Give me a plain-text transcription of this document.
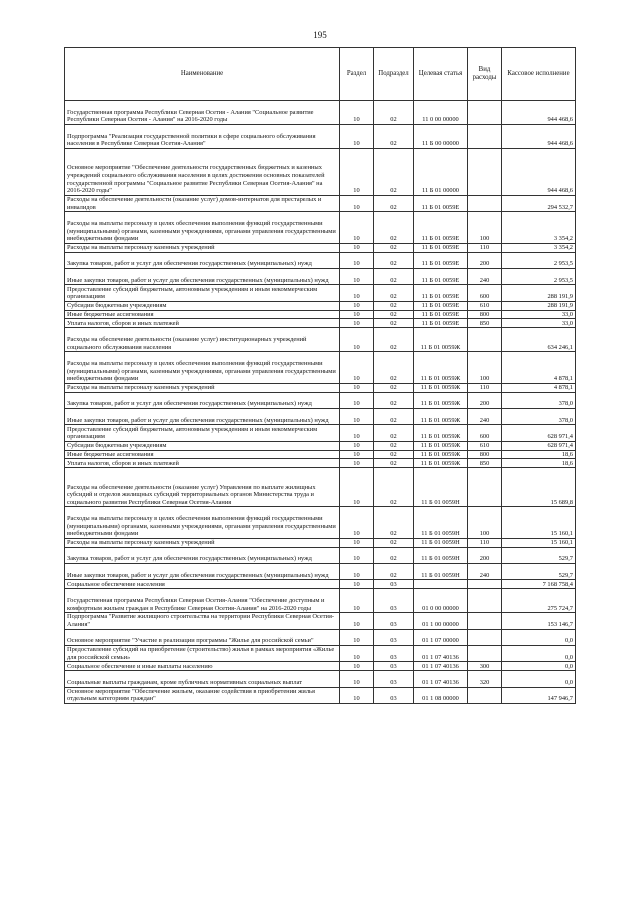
195
Наименование	Раздел	Подраздел	Целевая статья	Вид расходы	Кассовое исполнение
Государственная программа Республики Северная Осетия - Алания "Социальное развитие Республики Северная Осетия - Алания" на 2016-2020 годы	10	02	11 0 00 00000		944 468,6
Подпрограмма "Реализация государственной политики в сфере социального обслуживания населения в Республике Северная Осетия-Алания"	10	02	11 Б 00 00000		944 468,6
Основное мероприятие "Обеспечение деятельности государственных бюджетных и казенных учреждений социального обслуживания населения в целях достижения основных показателей государственной программы "Социальное развитие Республики Северная Осетия-Алания" на 2016-2020 годы"	10	02	11 Б 01 00000		944 468,6
Расходы на обеспечение деятельности (оказание услуг) домов-интернатов для престарелых и инвалидов	10	02	11 Б 01 0059Е		294 532,7
Расходы на выплаты персоналу в целях обеспечения выполнения функций государственными (муниципальными) органами, казенными учреждениями, органами управления государственными внебюджетными фондами	10	02	11 Б 01 0059Е	100	3 354,2
Расходы на выплаты персоналу казенных учреждений	10	02	11 Б 01 0059Е	110	3 354,2
Закупка товаров, работ и услуг для обеспечения государственных (муниципальных) нужд	10	02	11 Б 01 0059Е	200	2 953,5
Иные закупки товаров, работ и услуг для обеспечения государственных (муниципальных) нужд	10	02	11 Б 01 0059Е	240	2 953,5
Предоставление субсидий бюджетным, автономным учреждениям и иным некоммерческим организациям	10	02	11 Б 01 0059Е	600	288 191,9
Субсидии бюджетным учреждениям	10	02	11 Б 01 0059Е	610	288 191,9
Иные бюджетные ассигнования	10	02	11 Б 01 0059Е	800	33,0
Уплата налогов, сборов и иных платежей	10	02	11 Б 01 0059Е	850	33,0
Расходы на обеспечение деятельности (оказание услуг) институционарных учреждений социального обслуживания населения	10	02	11 Б 01 0059Ж		634 246,1
Расходы на выплаты персоналу в целях обеспечения выполнения функций государственными (муниципальными) органами, казенными учреждениями, органами управления государственными внебюджетными фондами	10	02	11 Б 01 0059Ж	100	4 878,1
Расходы на выплаты персоналу казенных учреждений	10	02	11 Б 01 0059Ж	110	4 878,1
Закупка товаров, работ и услуг для обеспечения государственных (муниципальных) нужд	10	02	11 Б 01 0059Ж	200	378,0
Иные закупки товаров, работ и услуг для обеспечения государственных (муниципальных) нужд	10	02	11 Б 01 0059Ж	240	378,0
Предоставление субсидий бюджетным, автономным учреждениям и иным некоммерческим организациям	10	02	11 Б 01 0059Ж	600	628 971,4
Субсидии бюджетным учреждениям	10	02	11 Б 01 0059Ж	610	628 971,4
Иные бюджетные ассигнования	10	02	11 Б 01 0059Ж	800	18,6
Уплата налогов, сборов и иных платежей	10	02	11 Б 01 0059Ж	850	18,6
Расходы на обеспечение деятельности (оказание услуг) Управления по выплате жилищных субсидий и отделов жилищных субсидий территориальных органов Министерства труда и социального развития Республики Северная Осетия-Алания	10	02	11 Б 01 0059Н		15 689,8
Расходы на выплаты персоналу в целях обеспечения выполнения функций государственными (муниципальными) органами, казенными учреждениями, органами управления государственными внебюджетными фондами	10	02	11 Б 01 0059Н	100	15 160,1
Расходы на выплаты персоналу казенных учреждений	10	02	11 Б 01 0059Н	110	15 160,1
Закупка товаров, работ и услуг для обеспечения государственных (муниципальных) нужд	10	02	11 Б 01 0059Н	200	529,7
Иные закупки товаров, работ и услуг для обеспечения государственных (муниципальных) нужд	10	02	11 Б 01 0059Н	240	529,7
Социальное обеспечение населения	10	03			7 168 758,4
Государственная программа Республики Северная Осетия-Алания "Обеспечение доступным и комфортным жильем граждан в Республике Северная Осетия-Алания" на 2016-2020 годы	10	03	01 0 00 00000		275 724,7
Подпрограмма "Развитие жилищного строительства на территории Республики Северная Осетия-Алания"	10	03	01 1 00 00000		153 146,7
Основное мероприятие "Участие в реализации программы "Жилье для российской семьи"	10	03	01 1 07 00000		0,0
Предоставление субсидий на приобретение (строительство) жилья в рамках мероприятия «Жилье для российской семьи»	10	03	01 1 07 40136		0,0
Социальное обеспечение и иные выплаты населению	10	03	01 1 07 40136	300	0,0
Социальные выплаты гражданам, кроме публичных нормативных социальных выплат	10	03	01 1 07 40136	320	0,0
Основное мероприятие "Обеспечение жильем, оказание содействия в приобретении жилья отдельным категориям граждан"	10	03	01 1 08 00000		147 946,7
